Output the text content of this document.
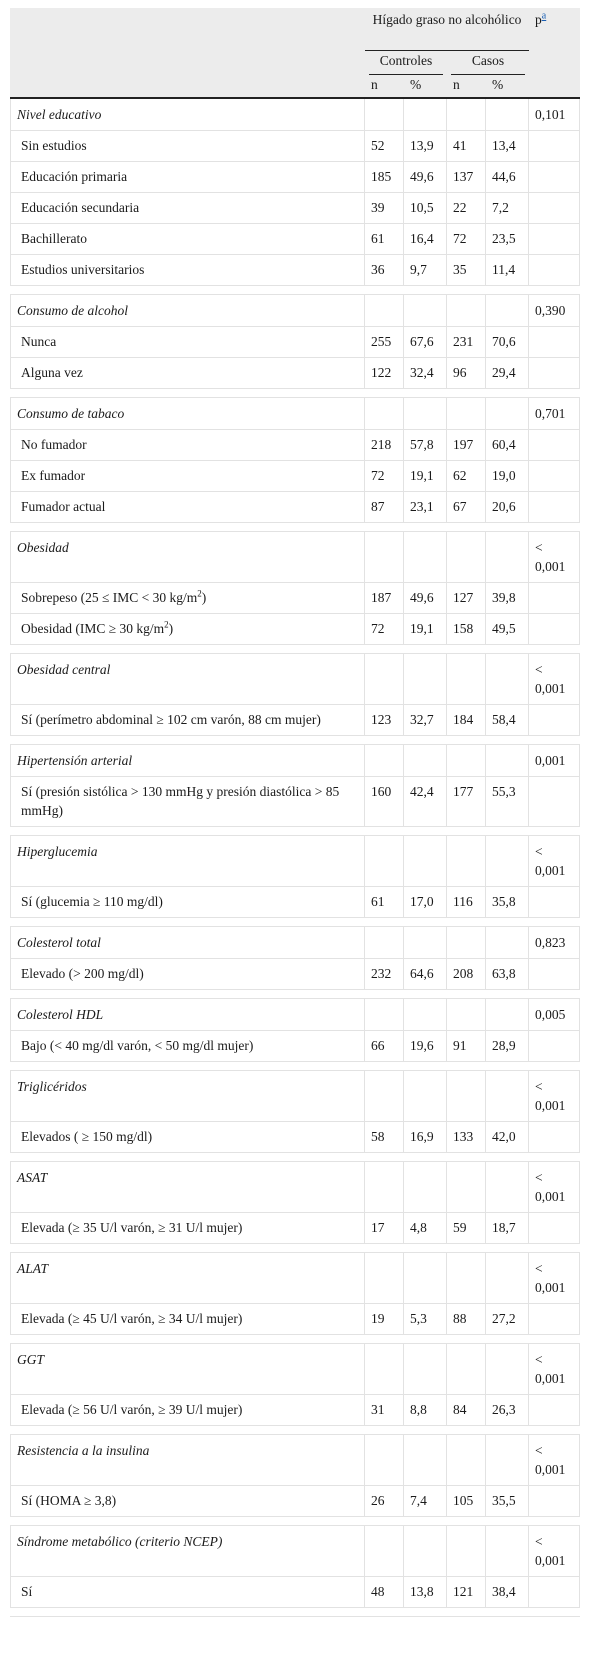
	Hígado graso no alcohólico				p$^a$

	Controles		Casos		

	n	%	n	%	
Nivel educativo					0,101
Sin estudios	52	13,9	41	13,4	
Educación primaria	185	49,6	137	44,6	
Educación secundaria	39	10,5	22	7,2	
Bachillerato	61	16,4	72	23,5	
Estudios universitarios	36	9,7	35	11,4	

Consumo de alcohol					0,390
Nunca	255	67,6	231	70,6	
Alguna vez	122	32,4	96	29,4	

Consumo de tabaco					0,701
No fumador	218	57,8	197	60,4	
Ex fumador	72	19,1	62	19,0	
Fumador actual	87	23,1	67	20,6	

Obesidad					< 0,001
Sobrepeso (25 ≤ IMC < 30 $kg/m^2$)	187	49,6	127	39,8	
Obesidad (IMC ≥ 30 $kg/m^2$)	72	19,1	158	49,5	

Obesidad central					< 0,001
Sí (perímetro abdominal ≥ 102 cm varón, 88 cm mujer)	123	32,7	184	58,4	

Hipertensión arterial					0,001
Sí (presión sistólica > 130 mmHg y presión diastólica > 85 mmHg)	160	42,4	177	55,3	

Hiperglucemia					< 0,001
Sí (glucemia ≥ 110 mg/dl)	61	17,0	116	35,8	

Colesterol total					0,823
Elevado (> 200 mg/dl)	232	64,6	208	63,8	

Colesterol HDL					0,005
Bajo (< 40 mg/dl varón, < 50 mg/dl mujer)	66	19,6	91	28,9	

Triglicéridos					< 0,001
Elevados ( ≥ 150 mg/dl)	58	16,9	133	42,0	

ASAT					< 0,001
Elevada (≥ 35 U/l varón, ≥ 31 U/l mujer)	17	4,8	59	18,7	

ALAT					< 0,001
Elevada (≥ 45 U/l varón, ≥ 34 U/l mujer)	19	5,3	88	27,2	

GGT					< 0,001
Elevada (≥ 56 U/l varón, ≥ 39 U/l mujer)	31	8,8	84	26,3	

Resistencia a la insulina					< 0,001
Sí (HOMA ≥ 3,8)	26	7,4	105	35,5	

Síndrome metabólico (criterio NCEP)					< 0,001
Sí	48	13,8	121	38,4	
